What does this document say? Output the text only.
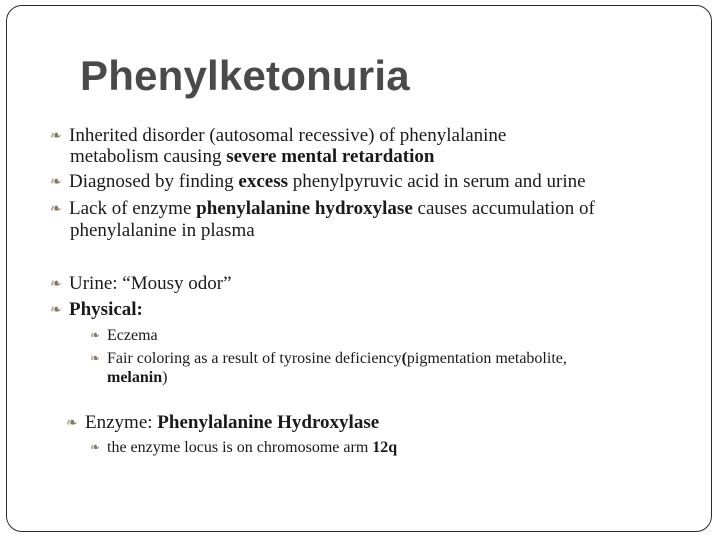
Phenylketonuria
❧ Inherited disorder (autosomal recessive) of phenylalanine
metabolism causing severe mental retardation
❧ Diagnosed by finding excess phenylpyruvic acid in serum and urine
❧ Lack of enzyme phenylalanine hydroxylase causes accumulation of
phenylalanine in plasma
❧ Urine: “Mousy odor”
❧ Physical:
❧ Eczema
❧ Fair coloring as a result of tyrosine deficiency(pigmentation metabolite,
melanin)
❧ Enzyme: Phenylalanine Hydroxylase
❧ the enzyme locus is on chromosome arm 12q
